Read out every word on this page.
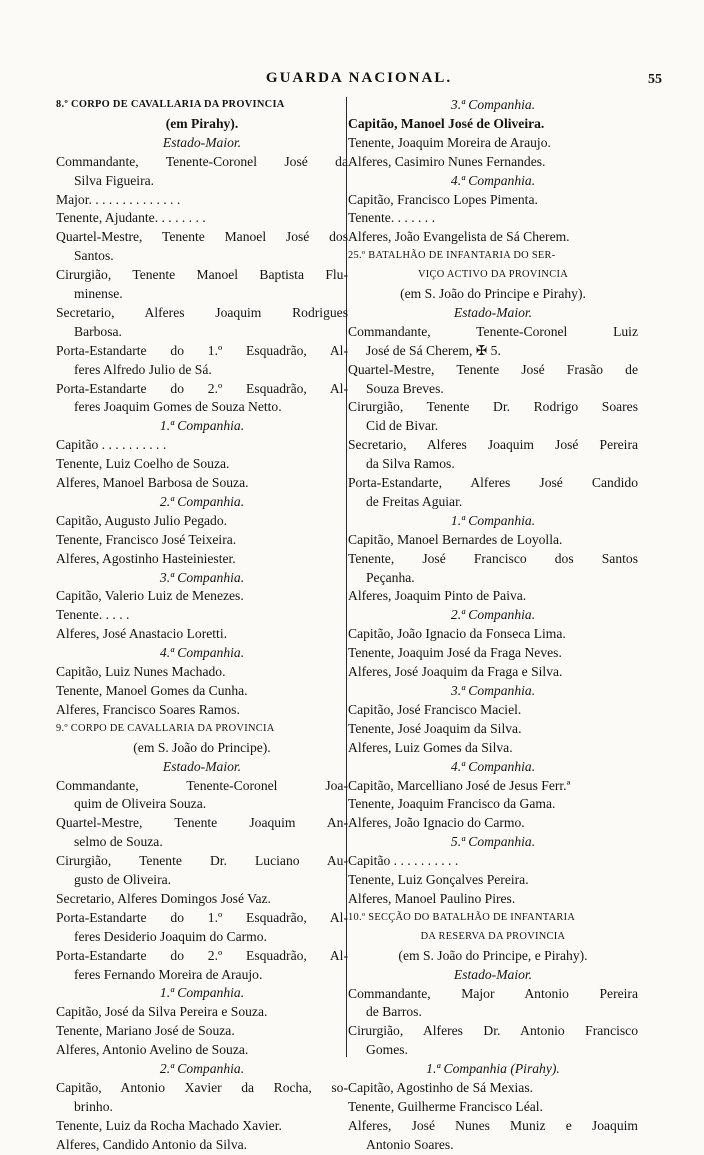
GUARDA NACIONAL.	55
8.º CORPO DE CAVALLARIA DA PROVINCIA
(em Pirahy).
Estado-Maior.
Commandante, Tenente-Coronel José da
Silva Figueira.
Major. . . . . . . . . . . . . .
Tenente, Ajudante. . . . . . . .
Quartel-Mestre, Tenente Manoel José dos
Santos.
Cirurgião, Tenente Manoel Baptista Flu-
minense.
Secretario, Alferes Joaquim Rodrigues
Barbosa.
Porta-Estandarte do 1.º Esquadrão, Al-
feres Alfredo Julio de Sá.
Porta-Estandarte do 2.º Esquadrão, Al-
feres Joaquim Gomes de Souza Netto.
1.ª Companhia.
Capitão . . . . . . . . . .
Tenente, Luiz Coelho de Souza.
Alferes, Manoel Barbosa de Souza.
2.ª Companhia.
Capitão, Augusto Julio Pegado.
Tenente, Francisco José Teixeira.
Alferes, Agostinho Hasteiniester.
3.ª Companhia.
Capitão, Valerio Luiz de Menezes.
Tenente. . . . .
Alferes, José Anastacio Loretti.
4.ª Companhia.
Capitão, Luiz Nunes Machado.
Tenente, Manoel Gomes da Cunha.
Alferes, Francisco Soares Ramos.
9.º CORPO DE CAVALLARIA DA PROVINCIA
(em S. João do Principe).
Estado-Maior.
Commandante, Tenente-Coronel Joa-
quim de Oliveira Souza.
Quartel-Mestre, Tenente Joaquim An-
selmo de Souza.
Cirurgião, Tenente Dr. Luciano Au-
gusto de Oliveira.
Secretario, Alferes Domingos José Vaz.
Porta-Estandarte do 1.º Esquadrão, Al-
feres Desiderio Joaquim do Carmo.
Porta-Estandarte do 2.º Esquadrão, Al-
feres Fernando Moreira de Araujo.
1.ª Companhia.
Capitão, José da Silva Pereira e Souza.
Tenente, Mariano José de Souza.
Alferes, Antonio Avelino de Souza.
2.ª Companhia.
Capitão, Antonio Xavier da Rocha, so-
brinho.
Tenente, Luiz da Rocha Machado Xavier.
Alferes, Candido Antonio da Silva.
3.ª Companhia.
Capitão, Manoel José de Oliveira.
Tenente, Joaquim Moreira de Araujo.
Alferes, Casimiro Nunes Fernandes.
4.ª Companhia.
Capitão, Francisco Lopes Pimenta.
Tenente. . . . . . .
Alferes, João Evangelista de Sá Cherem.
25.º BATALHÃO DE INFANTARIA DO SER-
VIÇO ACTIVO DA PROVINCIA
(em S. João do Principe e Pirahy).
Estado-Maior.
Commandante, Tenente-Coronel Luiz
José de Sá Cherem, ✠ 5.
Quartel-Mestre, Tenente José Frasão de
Souza Breves.
Cirurgião, Tenente Dr. Rodrigo Soares
Cid de Bivar.
Secretario, Alferes Joaquim José Pereira
da Silva Ramos.
Porta-Estandarte, Alferes José Candido
de Freitas Aguiar.
1.ª Companhia.
Capitão, Manoel Bernardes de Loyolla.
Tenente, José Francisco dos Santos
Peçanha.
Alferes, Joaquim Pinto de Paiva.
2.ª Companhia.
Capitão, João Ignacio da Fonseca Lima.
Tenente, Joaquim José da Fraga Neves.
Alferes, José Joaquim da Fraga e Silva.
3.ª Companhia.
Capitão, José Francisco Maciel.
Tenente, José Joaquim da Silva.
Alferes, Luiz Gomes da Silva.
4.ª Companhia.
Capitão, Marcelliano José de Jesus Ferr.ª
Tenente, Joaquim Francisco da Gama.
Alferes, João Ignacio do Carmo.
5.ª Companhia.
Capitão . . . . . . . . . .
Tenente, Luiz Gonçalves Pereira.
Alferes, Manoel Paulino Pires.
10.º SECÇÃO DO BATALHÃO DE INFANTARIA
DA RESERVA DA PROVINCIA
(em S. João do Principe, e Pirahy).
Estado-Maior.
Commandante, Major Antonio Pereira
de Barros.
Cirurgião, Alferes Dr. Antonio Francisco
Gomes.
1.ª Companhia (Pirahy).
Capitão, Agostinho de Sá Mexias.
Tenente, Guilherme Francisco Léal.
Alferes, José Nunes Muniz e Joaquim
Antonio Soares.
